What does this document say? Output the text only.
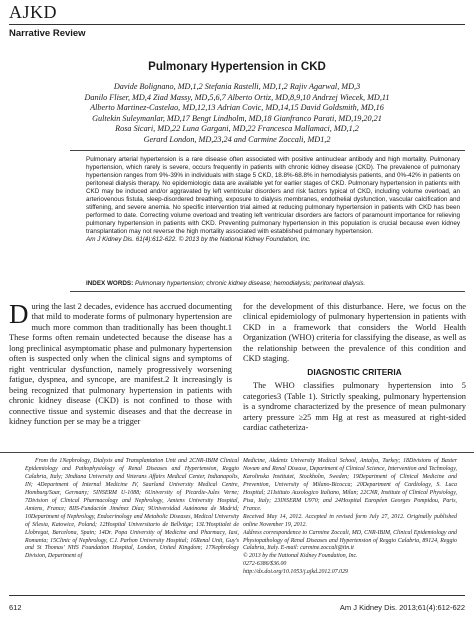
AJKD
Narrative Review
Pulmonary Hypertension in CKD
Davide Bolignano, MD,1,2 Stefania Rastelli, MD,1,2 Rajiv Agarwal, MD,3
Danilo Fliser, MD,4 Ziad Massy, MD,5,6,7 Alberto Ortiz, MD,8,9,10 Andrzej Wiecek, MD,11
Alberto Martinez-Castelao, MD,12,13 Adrian Covic, MD,14,15 David Goldsmith, MD,16
Gultekin Suleymanlar, MD,17 Bengt Lindholm, MD,18 Gianfranco Parati, MD,19,20,21
Rosa Sicari, MD,22 Luna Gargani, MD,22 Francesca Mallamaci, MD,1,2
Gerard London, MD,23,24 and Carmine Zoccali, MD1,2

Pulmonary arterial hypertension is a rare disease often associated with positive antinuclear antibody and high mortality. Pulmonary hypertension, which rarely is severe, occurs frequently in patients with chronic kidney disease (CKD). The prevalence of pulmonary hypertension ranges from 9%-39% in individuals with stage 5 CKD, 18.8%-68.8% in hemodialysis patients, and 0%-42% in patients on peritoneal dialysis therapy. No epidemiologic data are available yet for earlier stages of CKD. Pulmonary hypertension in patients with CKD may be induced and/or aggravated by left ventricular disorders and risk factors typical of CKD, including volume overload, an arteriovenous fistula, sleep-disordered breathing, exposure to dialysis membranes, endothelial dysfunction, vascular calcification and stiffening, and severe anemia. No specific intervention trial aimed at reducing pulmonary hypertension in patients with CKD has been performed to date. Correcting volume overload and treating left ventricular disorders are factors of paramount importance for relieving pulmonary hypertension in patients with CKD. Preventing pulmonary hypertension in this population is crucial because even kidney transplantation may not reverse the high mortality associated with established pulmonary hypertension.

Am J Kidney Dis. 61(4):612-622. © 2013 by the National Kidney Foundation, Inc.

INDEX WORDS: Pulmonary hypertension; chronic kidney disease; hemodialysis; peritoneal dialysis.

During the last 2 decades, evidence has accrued documenting that mild to moderate forms of pulmonary hypertension are much more common than traditionally has been thought.1 These forms often remain undetected because the disease has a long preclinical asymptomatic phase and pulmonary hypertension often is suspected only when the clinical signs and symptoms of right ventricular dysfunction, namely progressively worsening fatigue, dyspnea, and syncope, are manifest.2 It increasingly is being recognized that pulmonary hypertension in patients with chronic kidney disease (CKD) is not confined to those with connective tissue and systemic diseases and that the decrease in kidney function per se may be a trigger

for the development of this disturbance. Here, we focus on the clinical epidemiology of pulmonary hypertension in patients with CKD in a framework that considers the World Health Organization (WHO) criteria for classifying the disease, as well as the relationship between the prevalence of this condition and CKD staging.

DIAGNOSTIC CRITERIA

The WHO classifies pulmonary hypertension into 5 categories3 (Table 1). Strictly speaking, pulmonary hypertension is a syndrome characterized by the presence of mean pulmonary artery pressure ≥25 mm Hg at rest as measured at right-sided cardiac catheteriza-

From the 1Nephrology, Dialysis and Transplantation Unit and 2CNR-IBIM Clinical Epidemiology and Pathophysiology of Renal Diseases and Hypertension, Reggio Calabria, Italy; 3Indiana University and Veterans Affairs Medical Center, Indianapolis, IN; 4Department of Internal Medicine IV, Saarland University Medical Centre, Homburg/Saar, Germany; 5INSERM U-1088; 6University of Picardie-Jules Verne; 7Division of Clinical Pharmacology and Nephrology, Amiens University Hospital, Amiens, France; 8IIS-Fundación Jiménez Díaz; 9Universidad Autónoma de Madrid; 10Department of Nephrology, Endocrinology and Metabolic Diseases, Medical University of Silesia, Katowice, Poland; 12Hospital Universitario de Bellvitge; 13L'Hospitalet de Llobregat, Barcelona, Spain; 14Dr. Popa University of Medicine and Pharmacy, Iasi, Romania; 15Clinic of Nephrology, C.I. Parhon University Hospital; 16Renal Unit, Guy's and St Thomas' NHS Foundation Hospital, London, United Kingdom; 17Nephrology Division, Department of

Medicine, Akdeniz University Medical School, Antalya, Turkey; 18Divisions of Baxter Novum and Renal Disease, Department of Clinical Science, Intervention and Technology, Karolinska Institutet, Stockholm, Sweden; 19Department of Clinical Medicine and Prevention, University of Milano-Bicocca; 20Department of Cardiology, S. Luca Hospital; 21Istituto Auxologico Italiano, Milan; 22CNR, Institute of Clinical Physiology, Pisa, Italy; 23INSERM U970; and 24Hospital Européen Georges Pompidou, Paris, France.
Received May 14, 2012. Accepted in revised form July 27, 2012. Originally published online November 19, 2012.
Address correspondence to Carmine Zoccali, MD, CNR-IBIM, Clinical Epidemiology and Physiopathology of Renal Diseases and Hypertension of Reggio Calabria, 89124, Reggio Calabria, Italy. E-mail: carmine.zoccali@tin.it
© 2013 by the National Kidney Foundation, Inc.
0272-6386/$36.00
http://dx.doi.org/10.1053/j.ajkd.2012.07.029

612	Am J Kidney Dis. 2013;61(4):612-622
